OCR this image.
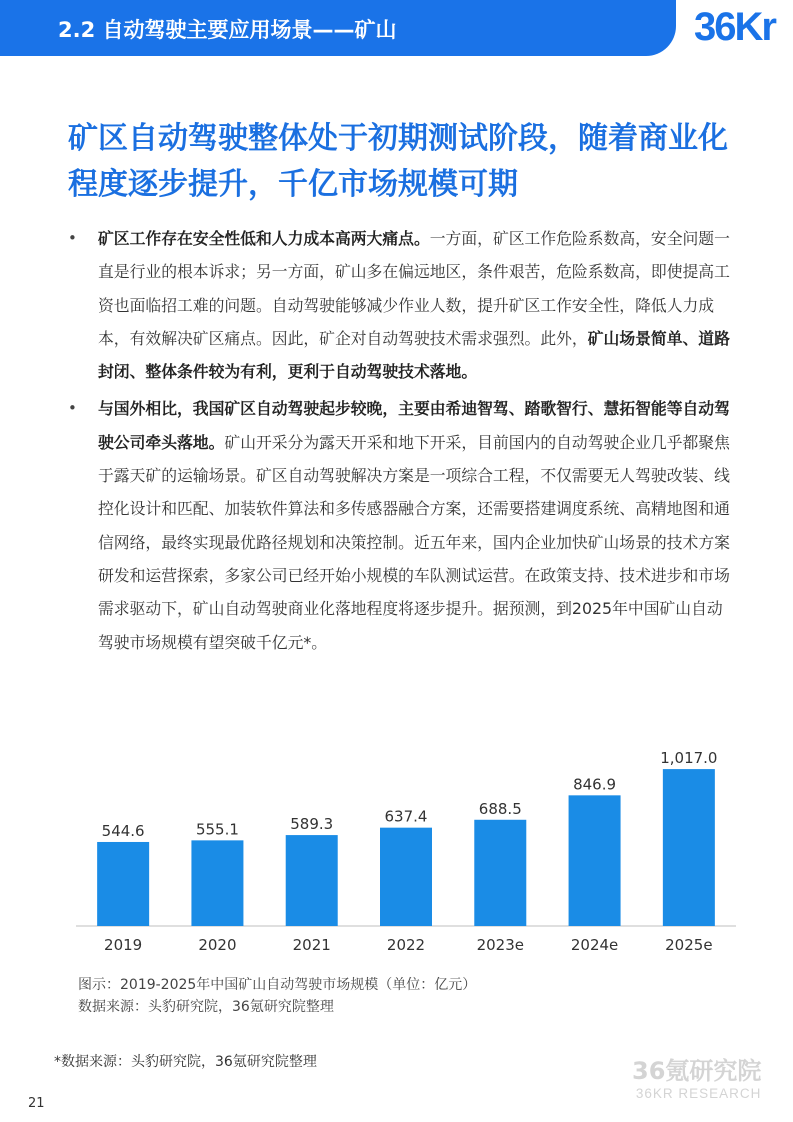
2.2 自动驾驶主要应用场景——矿山	36Kr
矿区自动驾驶整体处于初期测试阶段，随着商业化程度逐步提升，千亿市场规模可期
• 矿区工作存在安全性低和人力成本高两大痛点。一方面，矿区工作危险系数高，安全问题一直是行业的根本诉求；另一方面，矿山多在偏远地区，条件艰苦，危险系数高，即使提高工资也面临招工难的问题。自动驾驶能够减少作业人数，提升矿区工作安全性，降低人力成本，有效解决矿区痛点。因此，矿企对自动驾驶技术需求强烈。此外，矿山场景简单、道路封闭、整体条件较为有利，更利于自动驾驶技术落地。
• 与国外相比，我国矿区自动驾驶起步较晚，主要由希迪智驾、踏歌智行、慧拓智能等自动驾驶公司牵头落地。矿山开采分为露天开采和地下开采，目前国内的自动驾驶企业几乎都聚焦于露天矿的运输场景。矿区自动驾驶解决方案是一项综合工程，不仅需要无人驾驶改装、线控化设计和匹配、加装软件算法和多传感器融合方案，还需要搭建调度系统、高精地图和通信网络，最终实现最优路径规划和决策控制。近五年来，国内企业加快矿山场景的技术方案研发和运营探索，多家公司已经开始小规模的车队测试运营。在政策支持、技术进步和市场需求驱动下，矿山自动驾驶商业化落地程度将逐步提升。据预测，到2025年中国矿山自动驾驶市场规模有望突破千亿元*。
544.6
2019
555.1
2020
589.3
2021
637.4
2022
688.5
2023e
846.9
2024e
1,017.0
2025e
图示：2019-2025年中国矿山自动驾驶市场规模（单位：亿元）
数据来源：头豹研究院，36氪研究院整理
*数据来源：头豹研究院，36氪研究院整理	36氪研究院
36KR RESEARCH
21
